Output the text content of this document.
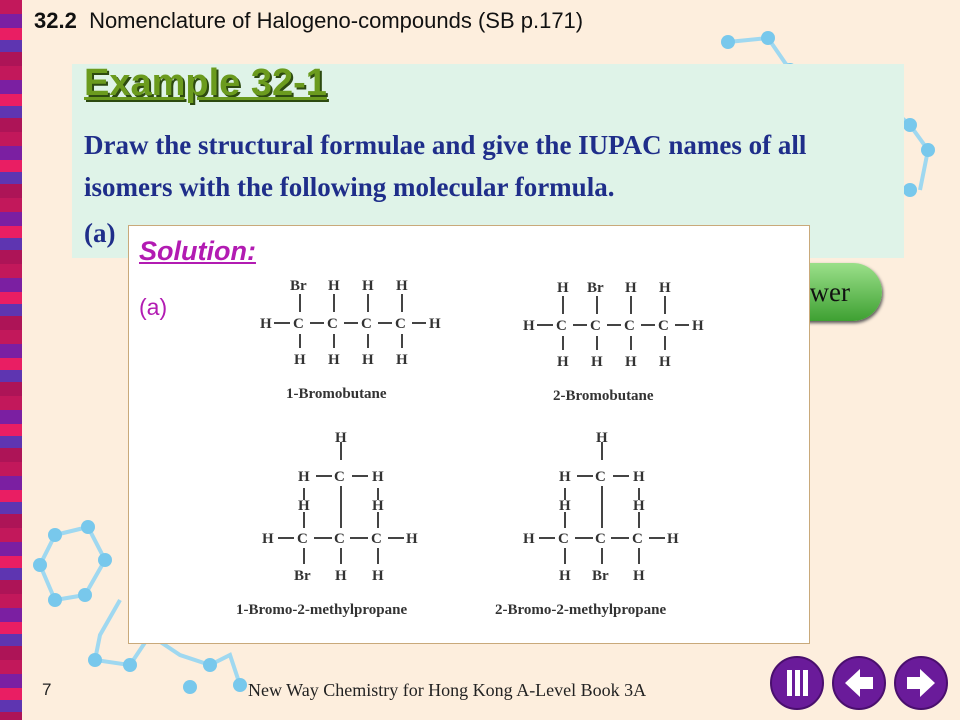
32.2 Nomenclature of Halogeno-compounds (SB p.171)
Example 32-1
Draw the structural formulae and give the IUPAC names of all isomers with the following molecular formula.
(a)
wer
Solution:
(a)
H C C C C H
Br H H H
H H H H
1-Bromobutane
H C C C C H
H Br H H
H H H H
2-Bromobutane
H
H C H
H	H
H C C C H
Br H H
1-Bromo-2-methylpropane
H
H C H
H	H
H C C C H
H Br H
2-Bromo-2-methylpropane
7	New Way Chemistry for Hong Kong A-Level Book 3A
